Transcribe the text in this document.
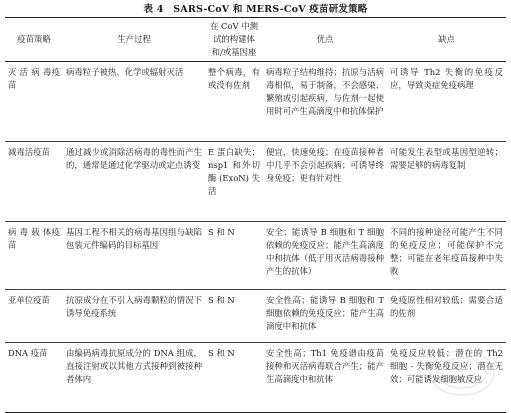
表 4　SARS-CoV 和 MERS-CoV 疫苗研发策略
疫苗策略	生产过程	在 CoV 中测试的构建体和/或基因座	优点	缺点
灭 活 病 毒疫苗	病毒粒子被热、化学或辐射灭活	整个病毒，有或没有佐剂	病毒粒子结构维持；抗原与活病毒相似，易于制备，不会感染、繁殖或引起疾病，与佐剂一起使用时可产生高滴度中和抗体保护	可诱导 Th2 失衡的免疫反应，导致炎症免疫病理
减毒活疫苗	通过减少或消除活病毒的毒性而产生的，通常是通过化学驱动或定点诱变	E 蛋白缺失；nsp1 和外切酶(ExoN)失活	便宜，快速免疫；在疫苗接种者中几乎不会引起疾病；可诱导终身免疫；更有针对性	可能发生表型或基因型逆转；需要足够的病毒复制
病 毒 载 体疫苗	基因工程不相关的病毒基因组与缺陷包装元件编码的目标基因	S 和 N	安全；能诱导 B 细胞和 T 细胞依赖的免疫反应；能产生高滴度中和抗体（低于用灭活病毒接种产生的抗体）	不同的接种途径可能产生不同的免疫反应；可能保护不完整；可能在老年疫苗接种中失败
亚单位疫苗	抗原成分在不引入病毒颗粒的情况下诱导免疫系统	S 和 N	安全性高；能诱导 B 细胞和 T 细胞依赖的免疫反应；能产生高滴度中和抗体	免疫原性相对较低；需要合适的佐剂
DNA 疫苗	由编码病毒抗原成分的 DNA 组成，直接注射或以其他方式接种到被接种者体内	S 和 N	安全性高；Th1 免疫谱由疫苗接种和灭活病毒联合产生；能产生高滴度中和抗体	免疫反应较低；潜在的 Th2 细胞 - 失衡免疫反应；潜在无效；可能诱发细胞敏反应
